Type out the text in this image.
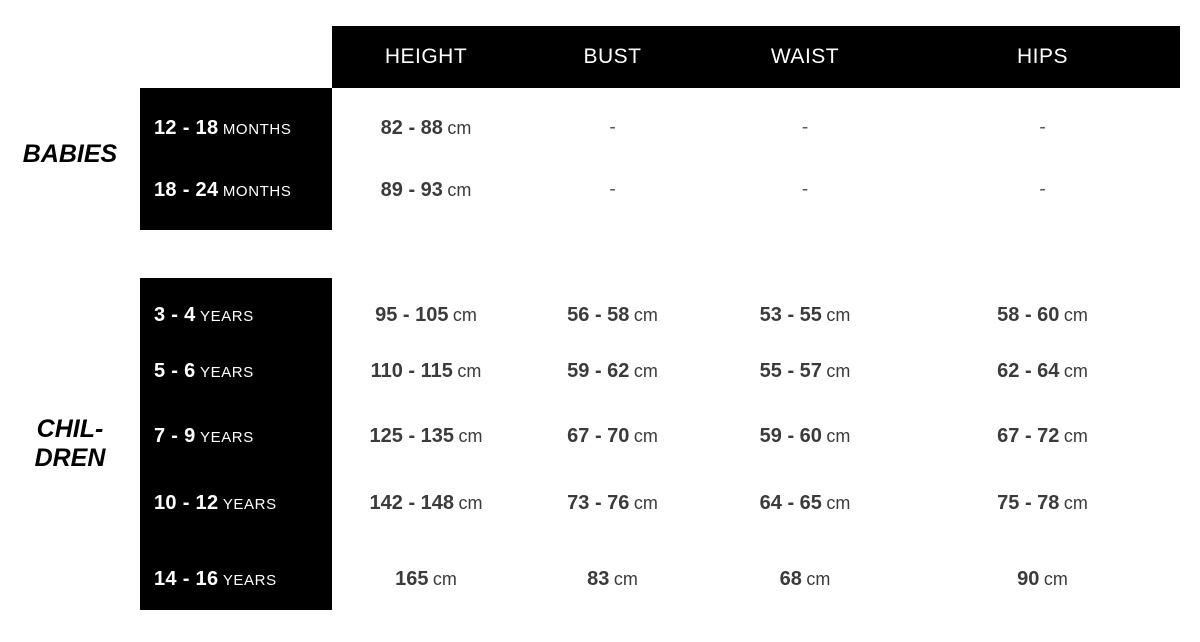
HEIGHT	BUST	WAIST	HIPS
BABIES
12 - 18 MONTHS	82 - 88 cm	-	-	-
18 - 24 MONTHS	89 - 93 cm	-	-	-
CHIL-
DREN
3 - 4 YEARS	95 - 105 cm	56 - 58 cm	53 - 55 cm	58 - 60 cm
5 - 6 YEARS	110 - 115 cm	59 - 62 cm	55 - 57 cm	62 - 64 cm
7 - 9 YEARS	125 - 135 cm	67 - 70 cm	59 - 60 cm	67 - 72 cm
10 - 12 YEARS	142 - 148 cm	73 - 76 cm	64 - 65 cm	75 - 78 cm
14 - 16 YEARS	165 cm	83 cm	68 cm	90 cm
